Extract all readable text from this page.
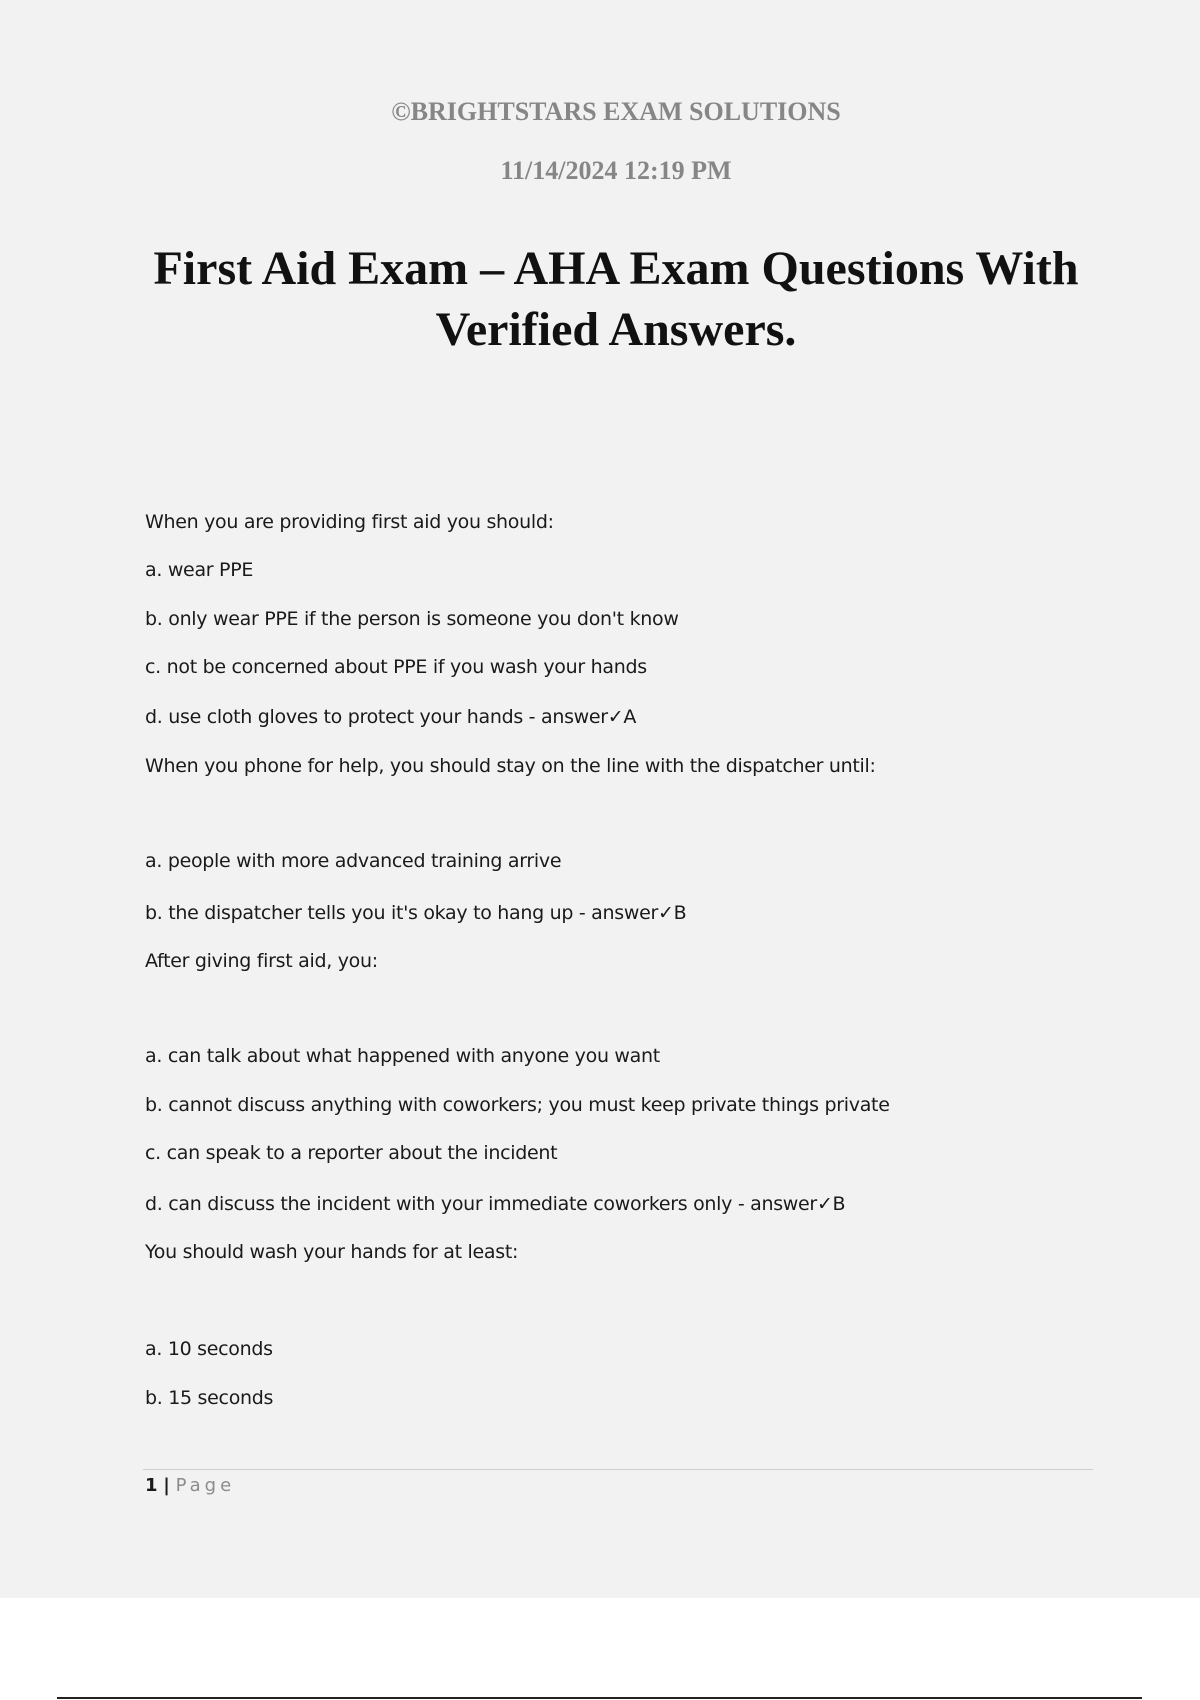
©BRIGHTSTARS EXAM SOLUTIONS

11/14/2024 12:19 PM

First Aid Exam – AHA Exam Questions With
Verified Answers.

When you are providing first aid you should:

a. wear PPE

b. only wear PPE if the person is someone you don't know

c. not be concerned about PPE if you wash your hands

d. use cloth gloves to protect your hands - answer✓A

When you phone for help, you should stay on the line with the dispatcher until:

a. people with more advanced training arrive

b. the dispatcher tells you it's okay to hang up - answer✓B

After giving first aid, you:

a. can talk about what happened with anyone you want

b. cannot discuss anything with coworkers; you must keep private things private

c. can speak to a reporter about the incident

d. can discuss the incident with your immediate coworkers only - answer✓B

You should wash your hands for at least:

a. 10 seconds

b. 15 seconds

1 | Page
